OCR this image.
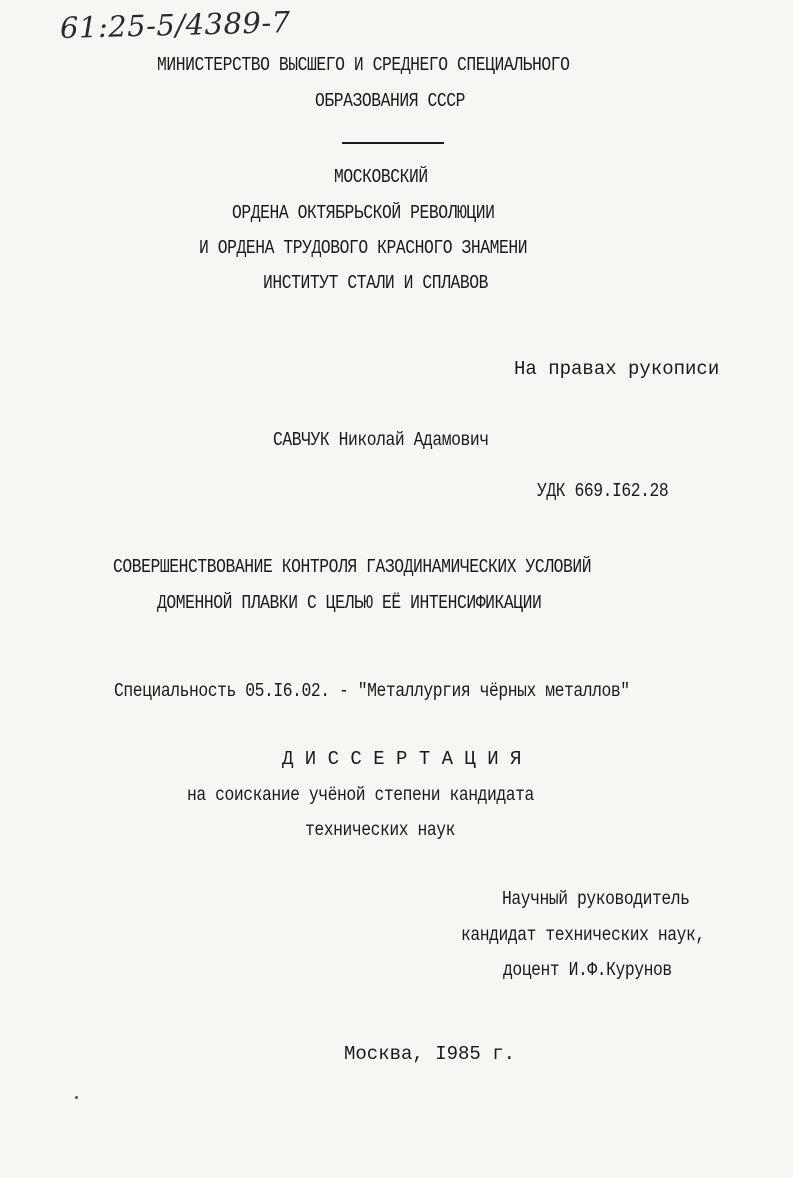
61:25-5/4389-7
МИНИСТЕРСТВО ВЫСШЕГО И СРЕДНЕГО СПЕЦИАЛЬНОГО
ОБРАЗОВАНИЯ СССР
МОСКОВСКИЙ
ОРДЕНА ОКТЯБРЬСКОЙ РЕВОЛЮЦИИ
И ОРДЕНА ТРУДОВОГО КРАСНОГО ЗНАМЕНИ
ИНСТИТУТ СТАЛИ И СПЛАВОВ
На правах рукописи
САВЧУК Николай Адамович
УДК 669.I62.28
СОВЕРШЕНСТВОВАНИЕ КОНТРОЛЯ ГАЗОДИНАМИЧЕСКИХ УСЛОВИЙ
ДОМЕННОЙ ПЛАВКИ С ЦЕЛЬЮ ЕЁ ИНТЕНСИФИКАЦИИ
Специальность 05.I6.02. - "Металлургия чёрных металлов"
Д И С С Е Р Т А Ц И Я
на соискание учёной степени кандидата
технических наук
Научный руководитель
кандидат технических наук,
доцент И.Ф.Курунов
Москва, I985 г.
